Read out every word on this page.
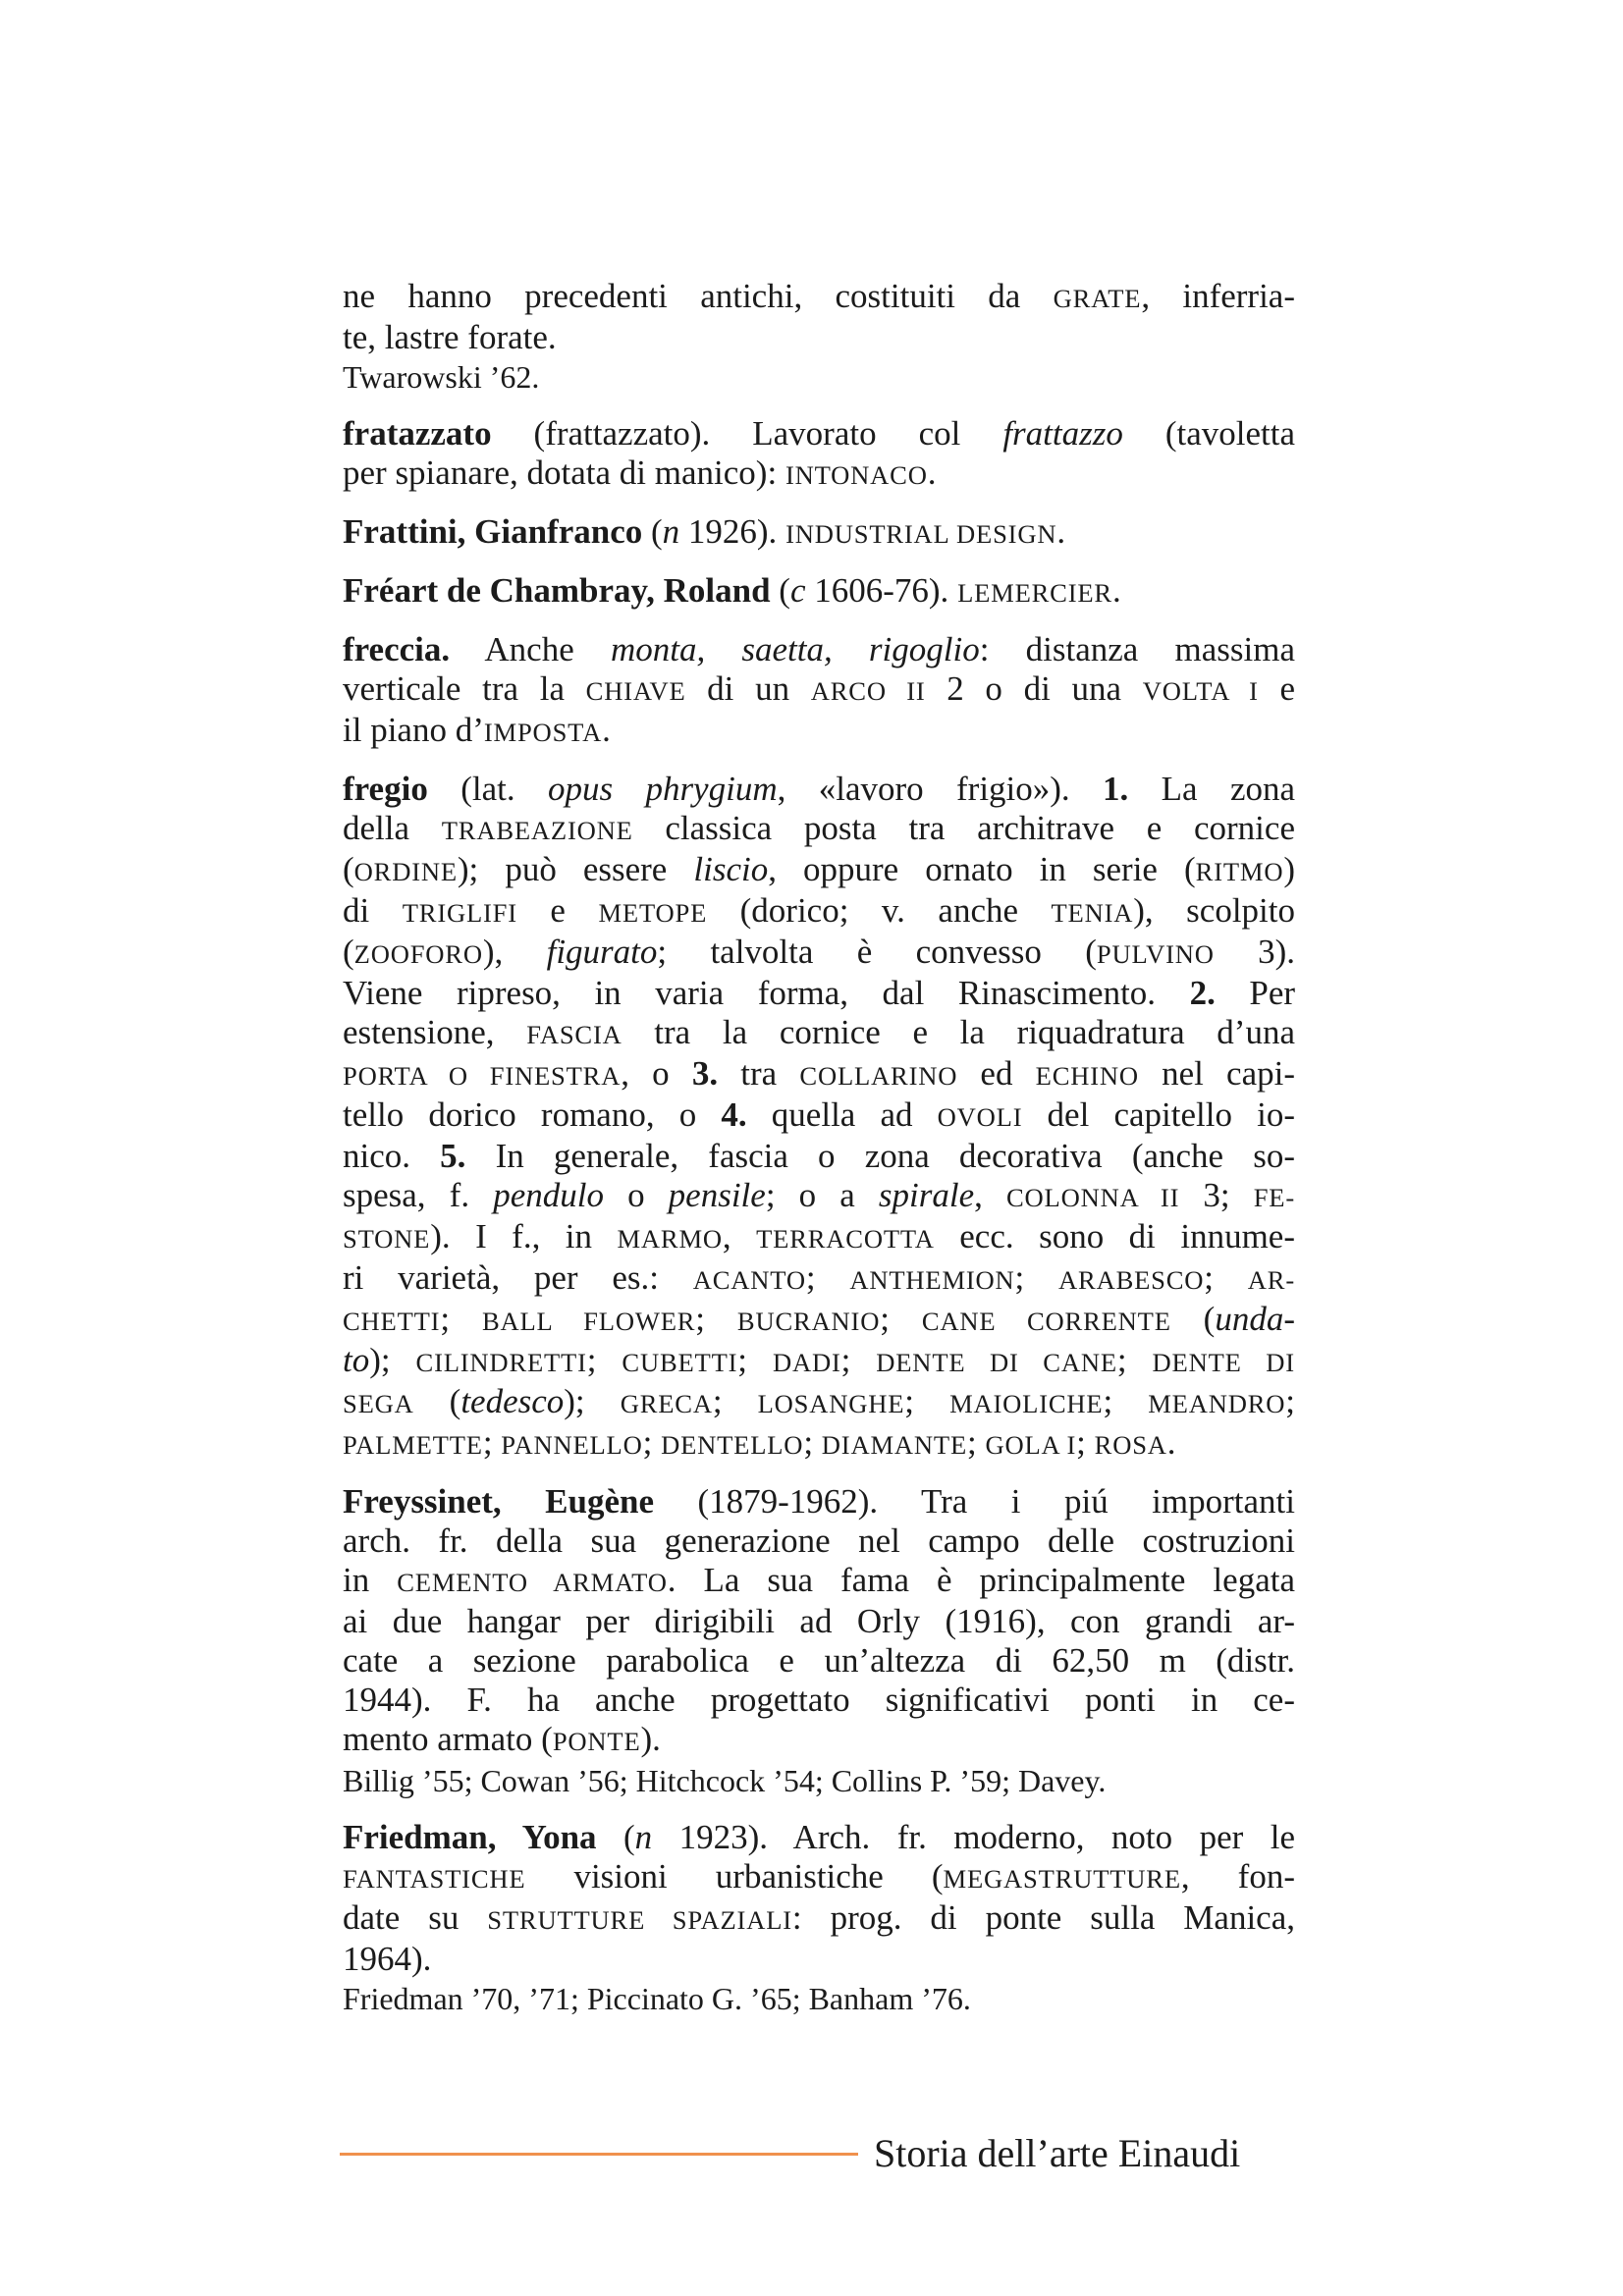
ne hanno precedenti antichi, costituiti da GRATE, inferria-
te, lastre forate.
Twarowski ’62.
fratazzato (frattazzato). Lavorato col frattazzo (tavoletta
per spianare, dotata di manico): INTONACO.
Frattini, Gianfranco (n 1926). INDUSTRIAL DESIGN.
Fréart de Chambray, Roland (c 1606-76). LEMERCIER.
freccia. Anche monta, saetta, rigoglio: distanza massima
verticale tra la CHIAVE di un ARCO II 2 o di una VOLTA I e
il piano d’IMPOSTA.
fregio (lat. opus phrygium, «lavoro frigio»). 1. La zona
della TRABEAZIONE classica posta tra architrave e cornice
(ORDINE); può essere liscio, oppure ornato in serie (RITMO)
di TRIGLIFI e METOPE (dorico; v. anche TENIA), scolpito
(ZOOFORO), figurato; talvolta è convesso (PULVINO 3).
Viene ripreso, in varia forma, dal Rinascimento. 2. Per
estensione, FASCIA tra la cornice e la riquadratura d’una
PORTA O FINESTRA, o 3. tra COLLARINO ed ECHINO nel capi-
tello dorico romano, o 4. quella ad OVOLI del capitello io-
nico. 5. In generale, fascia o zona decorativa (anche so-
spesa, f. pendulo o pensile; o a spirale, COLONNA II 3; FE-
STONE). I f., in MARMO, TERRACOTTA ecc. sono di innume-
ri varietà, per es.: ACANTO; ANTHEMION; ARABESCO; AR-
CHETTI; BALL FLOWER; BUCRANIO; CANE CORRENTE (unda-
to); CILINDRETTI; CUBETTI; DADI; DENTE DI CANE; DENTE DI
SEGA (tedesco); GRECA; LOSANGHE; MAIOLICHE; MEANDRO;
PALMETTE; PANNELLO; DENTELLO; DIAMANTE; GOLA I; ROSA.
Freyssinet, Eugène (1879-1962). Tra i piú importanti
arch. fr. della sua generazione nel campo delle costruzioni
in CEMENTO ARMATO. La sua fama è principalmente legata
ai due hangar per dirigibili ad Orly (1916), con grandi ar-
cate a sezione parabolica e un’altezza di 62,50 m (distr.
1944). F. ha anche progettato significativi ponti in ce-
mento armato (PONTE).
Billig ’55; Cowan ’56; Hitchcock ’54; Collins P. ’59; Davey.
Friedman, Yona (n 1923). Arch. fr. moderno, noto per le
FANTASTICHE visioni urbanistiche (MEGASTRUTTURE, fon-
date su STRUTTURE SPAZIALI: prog. di ponte sulla Manica,
1964).
Friedman ’70, ’71; Piccinato G. ’65; Banham ’76.
Storia dell’arte Einaudi
